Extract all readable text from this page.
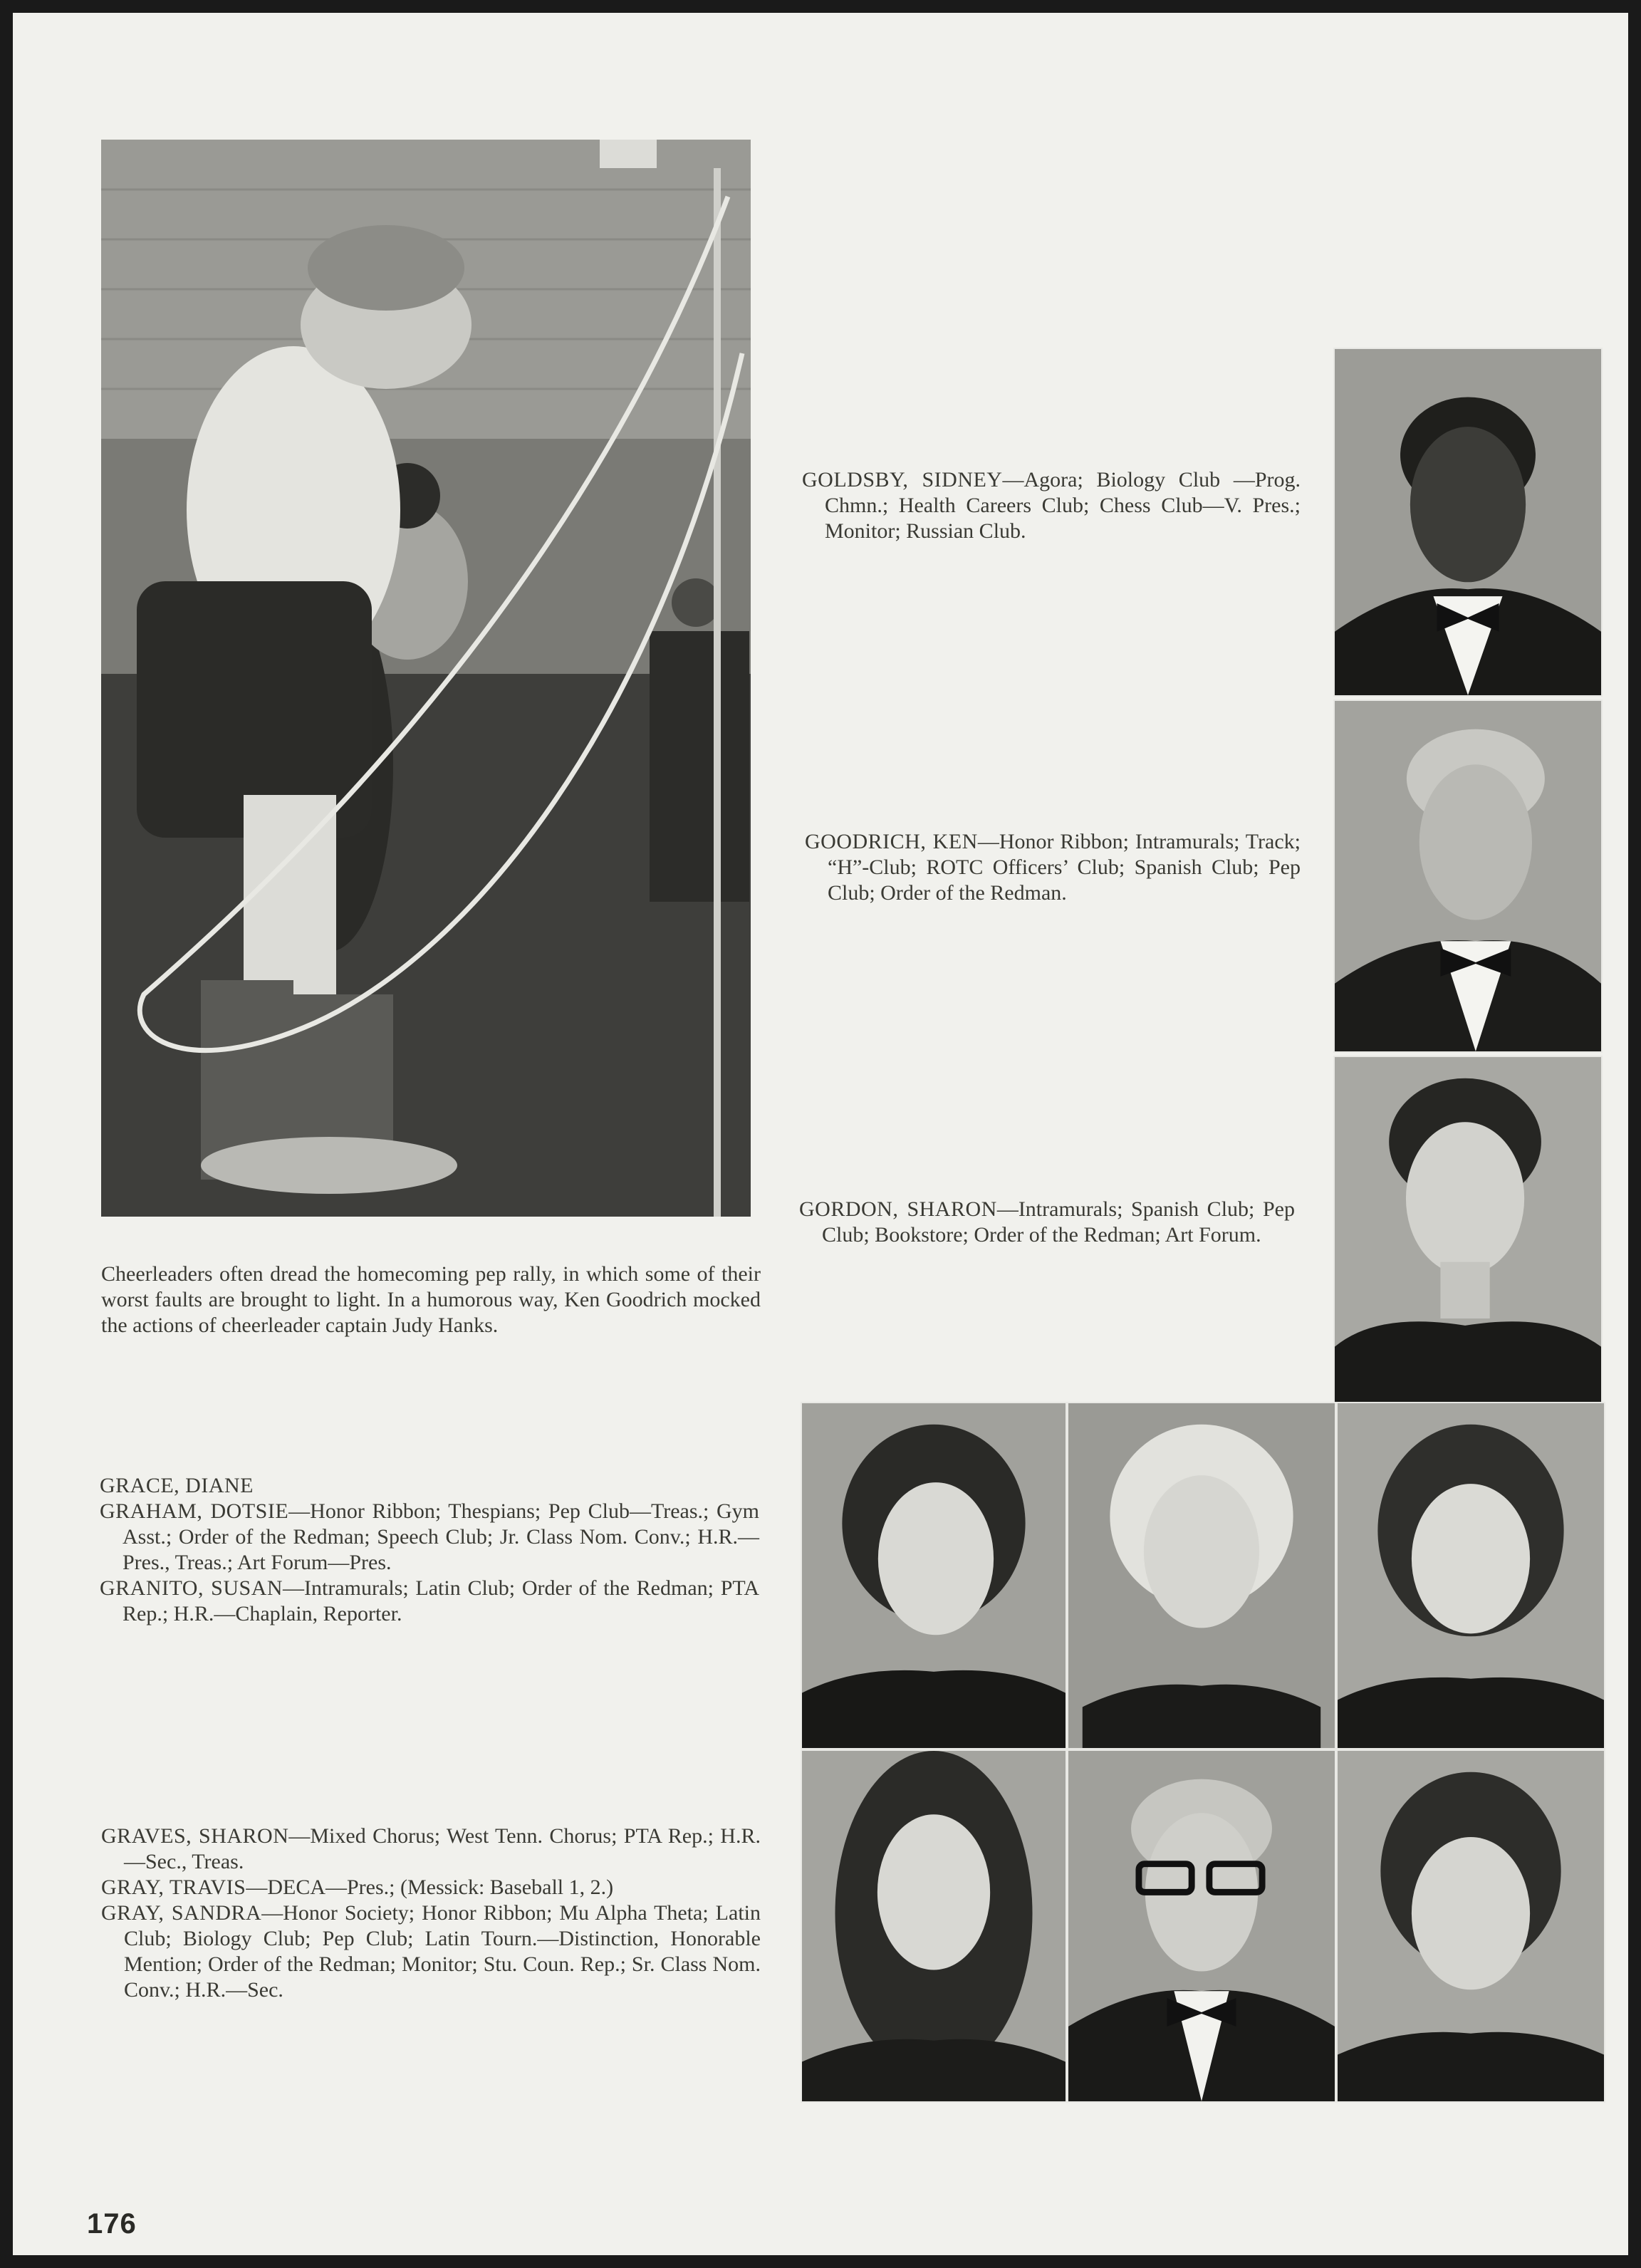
Cheerleaders often dread the homecoming pep rally, in which some of their worst faults are brought to light. In a humorous way, Ken Goodrich mocked the actions of cheerleader captain Judy Hanks.

GOLDSBY, SIDNEY—Agora; Biology Club —Prog. Chmn.; Health Careers Club; Chess Club—V. Pres.; Monitor; Russian Club.

GOODRICH, KEN—Honor Ribbon; Intramurals; Track; “H”-Club; ROTC Officers’ Club; Spanish Club; Pep Club; Order of the Redman.

GORDON, SHARON—Intramurals; Spanish Club; Pep Club; Bookstore; Order of the Redman; Art Forum.

GRACE, DIANE

GRAHAM, DOTSIE—Honor Ribbon; Thespians; Pep Club—Treas.; Gym Asst.; Order of the Redman; Speech Club; Jr. Class Nom. Conv.; H.R.—Pres., Treas.; Art Forum—Pres.

GRANITO, SUSAN—Intramurals; Latin Club; Order of the Redman; PTA Rep.; H.R.—Chaplain, Reporter.

GRAVES, SHARON—Mixed Chorus; West Tenn. Chorus; PTA Rep.; H.R.—Sec., Treas.

GRAY, TRAVIS—DECA—Pres.; (Messick: Baseball 1, 2.)

GRAY, SANDRA—Honor Society; Honor Ribbon; Mu Alpha Theta; Latin Club; Biology Club; Pep Club; Latin Tourn.—Distinction, Honorable Mention; Order of the Redman; Monitor; Stu. Coun. Rep.; Sr. Class Nom. Conv.; H.R.—Sec.

176
